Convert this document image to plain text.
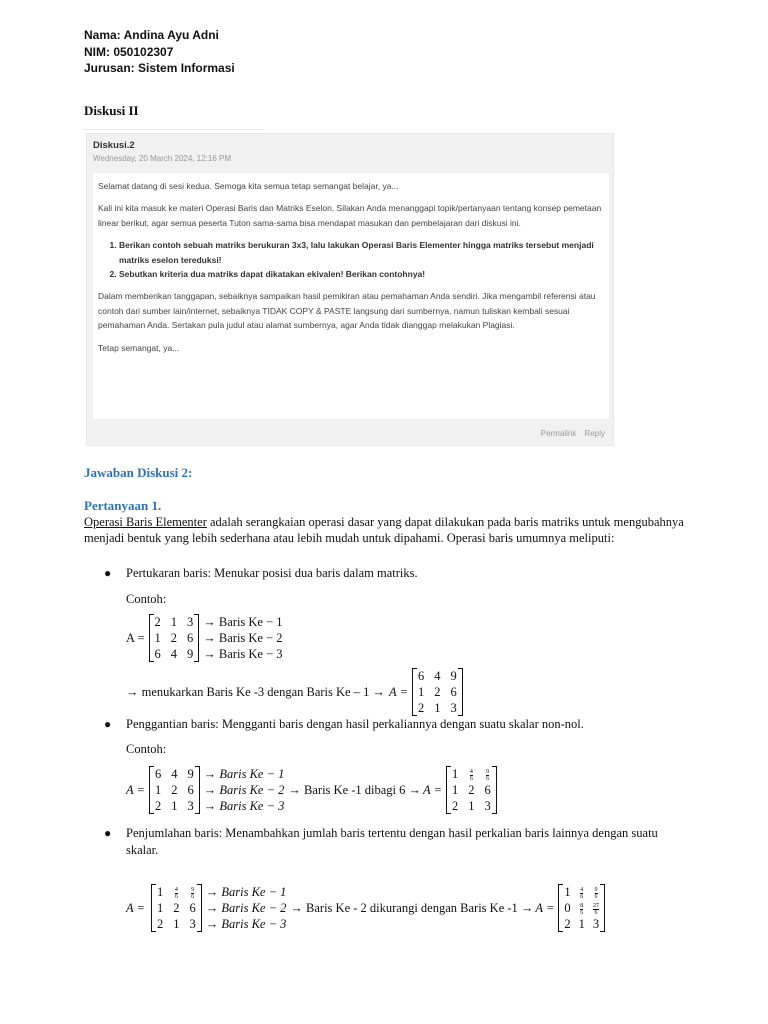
Nama: Andina Ayu Adni
NIM: 050102307
Jurusan: Sistem Informasi
Diskusi II
Diskusi.2
Wednesday, 20 March 2024, 12:16 PM

Selamat datang di sesi kedua. Semoga kita semua tetap semangat belajar, ya...

Kali ini kita masuk ke materi Operasi Baris dan Matriks Eselon. Silakan Anda menanggapi topik/pertanyaan tentang konsep pemetaan linear berikut, agar semua peserta Tuton sama-sama bisa mendapat masukan dan pembelajaran dari diskusi ini.

1. Berikan contoh sebuah matriks berukuran 3x3, lalu lakukan Operasi Baris Elementer hingga matriks tersebut menjadi matriks eselon tereduksi!
2. Sebutkan kriteria dua matriks dapat dikatakan ekivalen! Berikan contohnya!

Dalam memberikan tanggapan, sebaiknya sampaikan hasil pemikiran atau pemahaman Anda sendiri. Jika mengambil referensi atau contoh dari sumber lain/internet, sebaiknya TIDAK COPY & PASTE langsung dari sumbernya, namun tuliskan kembali sesuai pemahaman Anda. Sertakan pula judul atau alamat sumbernya, agar Anda tidak dianggap melakukan Plagiasi.

Tetap semangat, ya...

Permalink Reply
Jawaban Diskusi 2:
Pertanyaan 1.
Operasi Baris Elementer adalah serangkaian operasi dasar yang dapat dilakukan pada baris matriks untuk mengubahnya menjadi bentuk yang lebih sederhana atau lebih mudah untuk dipahami. Operasi baris umumnya meliputi:
● Pertukaran baris: Menukar posisi dua baris dalam matriks.
Contoh:
A =
2 1 3
1 2 6
6 4 9
→ Baris Ke − 1
→ Baris Ke − 2
→ Baris Ke − 3
→ menukarkan Baris Ke -3 dengan Baris Ke – 1 → A =
6 4 9
1 2 6
2 1 3
● Penggantian baris: Mengganti baris dengan hasil perkaliannya dengan suatu skalar non-nol.
Contoh:
A =
6 4 9
1 2 6
2 1 3
→ Baris Ke − 1
→ Baris Ke − 2
→ Baris Ke − 3
→ Baris Ke -1 dibagi 6 → A =
$1 \frac{4}{6} \frac{9}{6}$
1 2 6
2 1 3
● Penjumlahan baris: Menambahkan jumlah baris tertentu dengan hasil perkalian baris lainnya dengan suatu skalar.
A =
$1 \frac{4}{6} \frac{9}{6}$
1 2 6
2 1 3
→ Baris Ke − 1
→ Baris Ke − 2
→ Baris Ke − 3
→ Baris Ke - 2 dikurangi dengan Baris Ke -1 → A =
$1 \frac{4}{6} \frac{9}{6}$
$0 \frac{8}{6} \frac{27}{6}$
2 1 3
